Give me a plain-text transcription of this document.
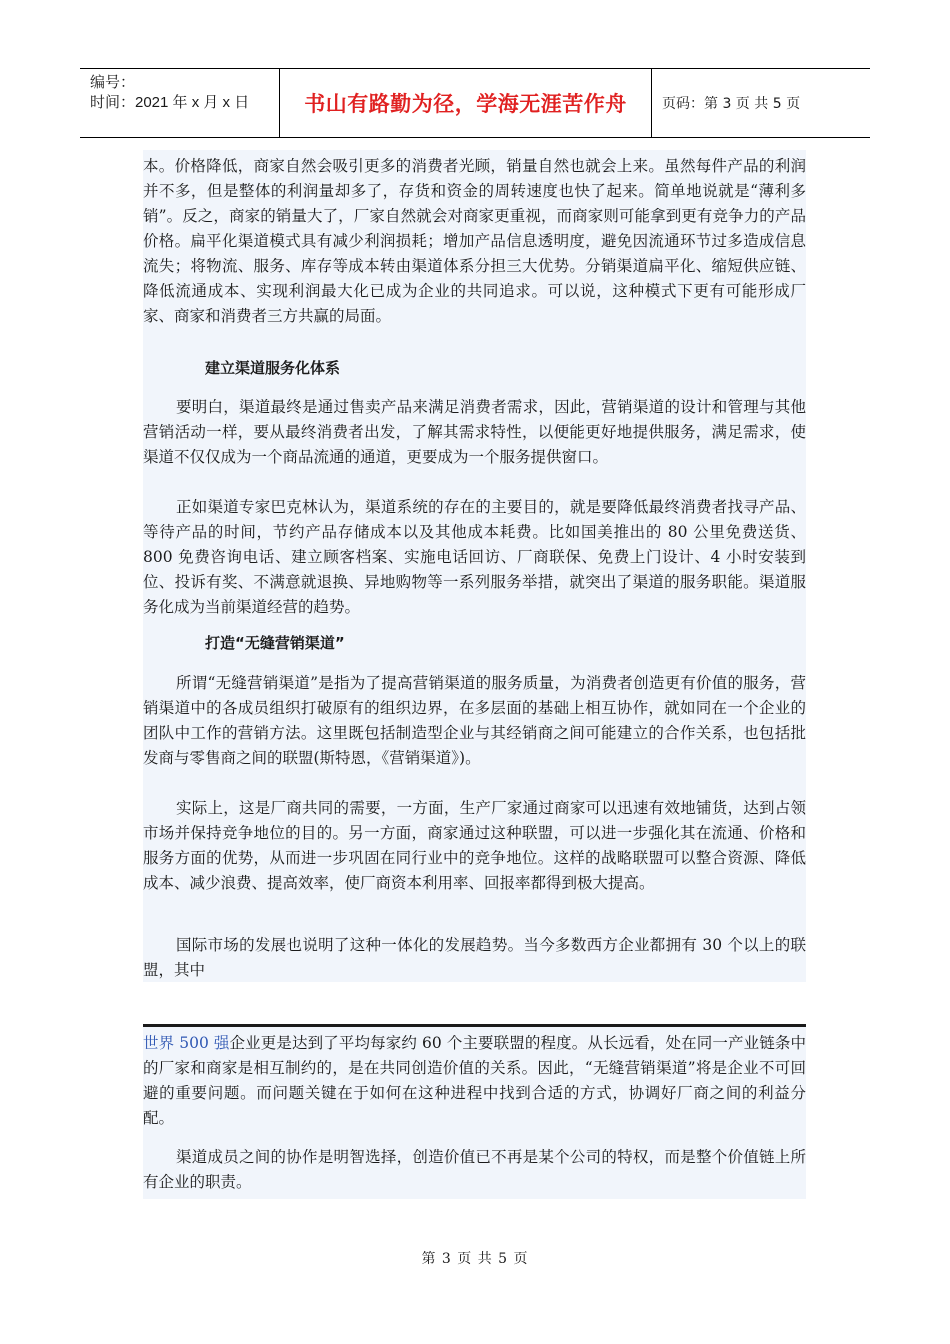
编号：
时间：2021 年 x 月 x 日	书山有路勤为径，学海无涯苦作舟	页码：第 3 页 共 5 页

本。价格降低，商家自然会吸引更多的消费者光顾，销量自然也就会上来。虽然每件产品的利润并不多，但是整体的利润量却多了，存货和资金的周转速度也快了起来。简单地说就是“薄利多销”。反之，商家的销量大了，厂家自然就会对商家更重视，而商家则可能拿到更有竞争力的产品价格。扁平化渠道模式具有减少利润损耗；增加产品信息透明度，避免因流通环节过多造成信息流失；将物流、服务、库存等成本转由渠道体系分担三大优势。分销渠道扁平化、缩短供应链、降低流通成本、实现利润最大化已成为企业的共同追求。可以说，这种模式下更有可能形成厂家、商家和消费者三方共赢的局面。

建立渠道服务化体系

要明白，渠道最终是通过售卖产品来满足消费者需求，因此，营销渠道的设计和管理与其他营销活动一样，要从最终消费者出发，了解其需求特性，以便能更好地提供服务，满足需求，使渠道不仅仅成为一个商品流通的通道，更要成为一个服务提供窗口。

正如渠道专家巴克林认为，渠道系统的存在的主要目的，就是要降低最终消费者找寻产品、等待产品的时间，节约产品存储成本以及其他成本耗费。比如国美推出的 80 公里免费送货、800 免费咨询电话、建立顾客档案、实施电话回访、厂商联保、免费上门设计、4 小时安装到位、投诉有奖、不满意就退换、异地购物等一系列服务举措，就突出了渠道的服务职能。渠道服务化成为当前渠道经营的趋势。

打造“无缝营销渠道”

所谓“无缝营销渠道”是指为了提高营销渠道的服务质量，为消费者创造更有价值的服务，营销渠道中的各成员组织打破原有的组织边界，在多层面的基础上相互协作，就如同在一个企业的团队中工作的营销方法。这里既包括制造型企业与其经销商之间可能建立的合作关系，也包括批发商与零售商之间的联盟(斯特恩，《营销渠道》)。

实际上，这是厂商共同的需要，一方面，生产厂家通过商家可以迅速有效地铺货，达到占领市场并保持竞争地位的目的。另一方面，商家通过这种联盟，可以进一步强化其在流通、价格和服务方面的优势，从而进一步巩固在同行业中的竞争地位。这样的战略联盟可以整合资源、降低成本、减少浪费、提高效率，使厂商资本利用率、回报率都得到极大提高。

国际市场的发展也说明了这种一体化的发展趋势。当今多数西方企业都拥有 30 个以上的联盟，其中

世界 500 强企业更是达到了平均每家约 60 个主要联盟的程度。从长远看，处在同一产业链条中的厂家和商家是相互制约的，是在共同创造价值的关系。因此，“无缝营销渠道”将是企业不可回避的重要问题。而问题关键在于如何在这种进程中找到合适的方式，协调好厂商之间的利益分配。

渠道成员之间的协作是明智选择，创造价值已不再是某个公司的特权，而是整个价值链上所有企业的职责。

第 3 页 共 5 页
